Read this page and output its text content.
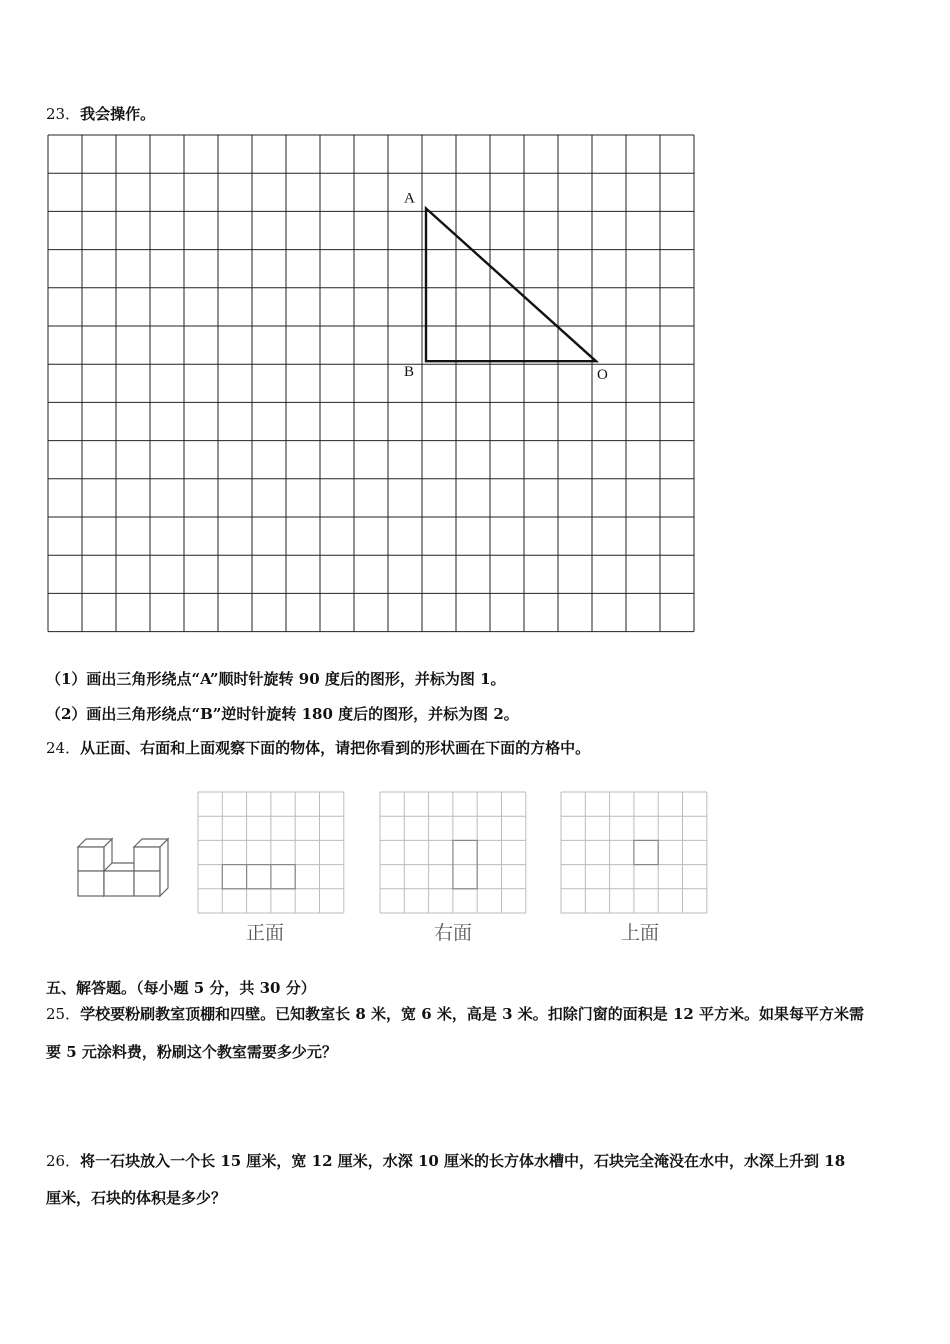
23．我会操作。
A
B	O
（1）画出三角形绕点“A”顺时针旋转 90 度后的图形，并标为图 1。
（2）画出三角形绕点“B”逆时针旋转 180 度后的图形，并标为图 2。
24．从正面、右面和上面观察下面的物体，请把你看到的形状画在下面的方格中。
正面	右面	上面
五、解答题。（每小题 5 分，共 30 分）
25．学校要粉刷教室顶棚和四壁。已知教室长 8 米，宽 6 米，高是 3 米。扣除门窗的面积是 12 平方米。如果每平方米需
要 5 元涂料费，粉刷这个教室需要多少元？
26．将一石块放入一个长 15 厘米，宽 12 厘米，水深 10 厘米的长方体水槽中，石块完全淹没在水中，水深上升到 18
厘米，石块的体积是多少？
